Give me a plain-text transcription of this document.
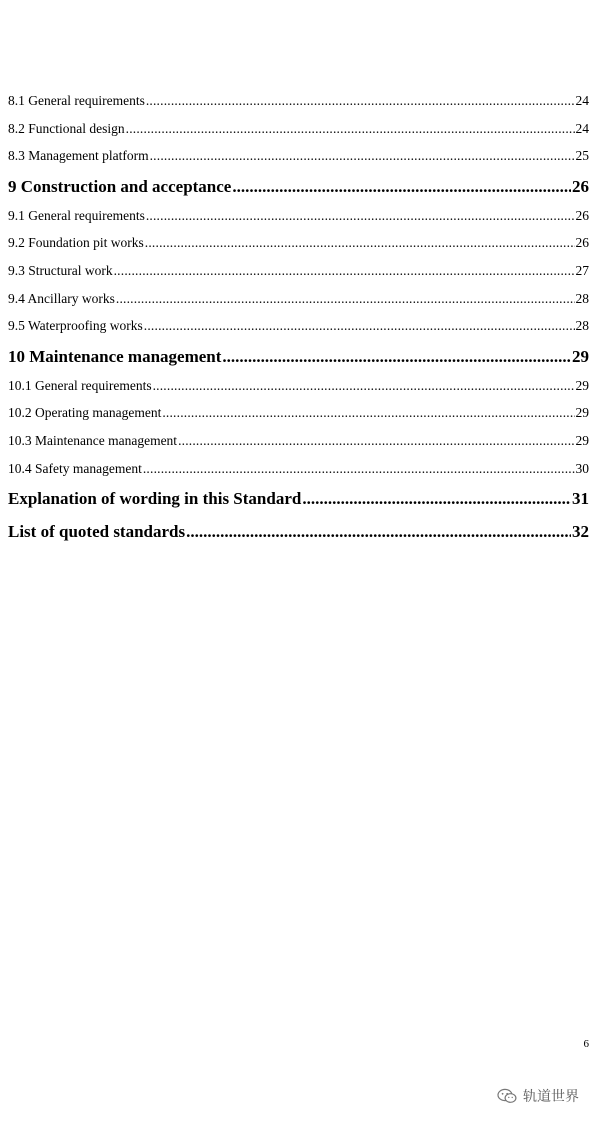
8.1 General requirements .....	24
8.2 Functional design .....	24
8.3 Management platform .....	25
9 Construction and acceptance .....	26
9.1 General requirements .....	26
9.2 Foundation pit works .....	26
9.3 Structural work .....	27
9.4 Ancillary works .....	28
9.5 Waterproofing works .....	28
10 Maintenance management .....	29
10.1 General requirements .....	29
10.2 Operating management .....	29
10.3 Maintenance management .....	29
10.4 Safety management .....	30
Explanation of wording in this Standard .....	31
List of quoted standards .....	32
6
轨道世界
